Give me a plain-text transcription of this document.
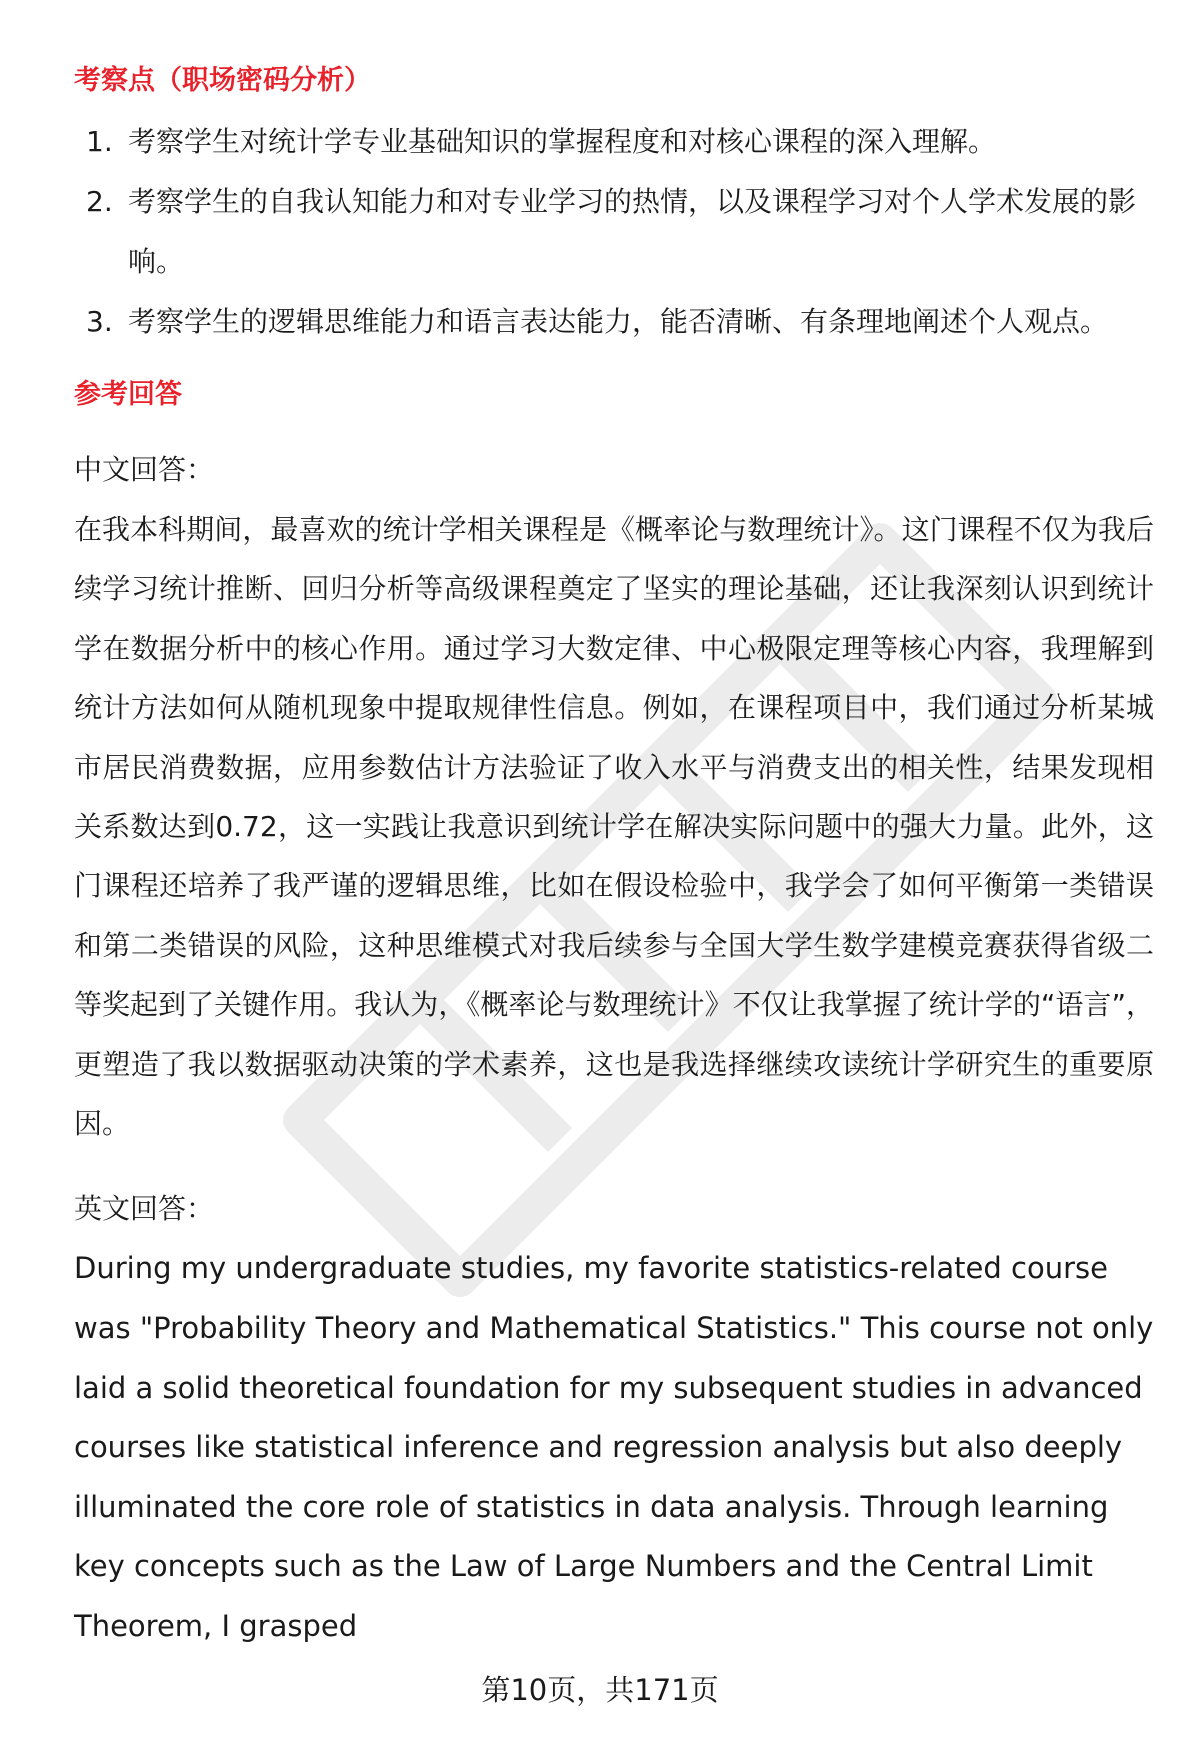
考察点（职场密码分析）
1. 考察学生对统计学专业基础知识的掌握程度和对核心课程的深入理解。
2. 考察学生的自我认知能力和对专业学习的热情，以及课程学习对个人学术发展的影响。
3. 考察学生的逻辑思维能力和语言表达能力，能否清晰、有条理地阐述个人观点。
参考回答

中文回答：

在我本科期间，最喜欢的统计学相关课程是《概率论与数理统计》。这门课程不仅为我后续学习统计推断、回归分析等高级课程奠定了坚实的理论基础，还让我深刻认识到统计学在数据分析中的核心作用。通过学习大数定律、中心极限定理等核心内容，我理解到统计方法如何从随机现象中提取规律性信息。例如，在课程项目中，我们通过分析某城市居民消费数据，应用参数估计方法验证了收入水平与消费支出的相关性，结果发现相关系数达到0.72，这一实践让我意识到统计学在解决实际问题中的强大力量。此外，这门课程还培养了我严谨的逻辑思维，比如在假设检验中，我学会了如何平衡第一类错误和第二类错误的风险，这种思维模式对我后续参与全国大学生数学建模竞赛获得省级二等奖起到了关键作用。我认为，《概率论与数理统计》不仅让我掌握了统计学的“语言”，更塑造了我以数据驱动决策的学术素养，这也是我选择继续攻读统计学研究生的重要原因。

英文回答：

During my undergraduate studies, my favorite statistics-related course was "Probability Theory and Mathematical Statistics." This course not only laid a solid theoretical foundation for my subsequent studies in advanced courses like statistical inference and regression analysis but also deeply illuminated the core role of statistics in data analysis. Through learning key concepts such as the Law of Large Numbers and the Central Limit Theorem, I grasped

第10页，共171页
